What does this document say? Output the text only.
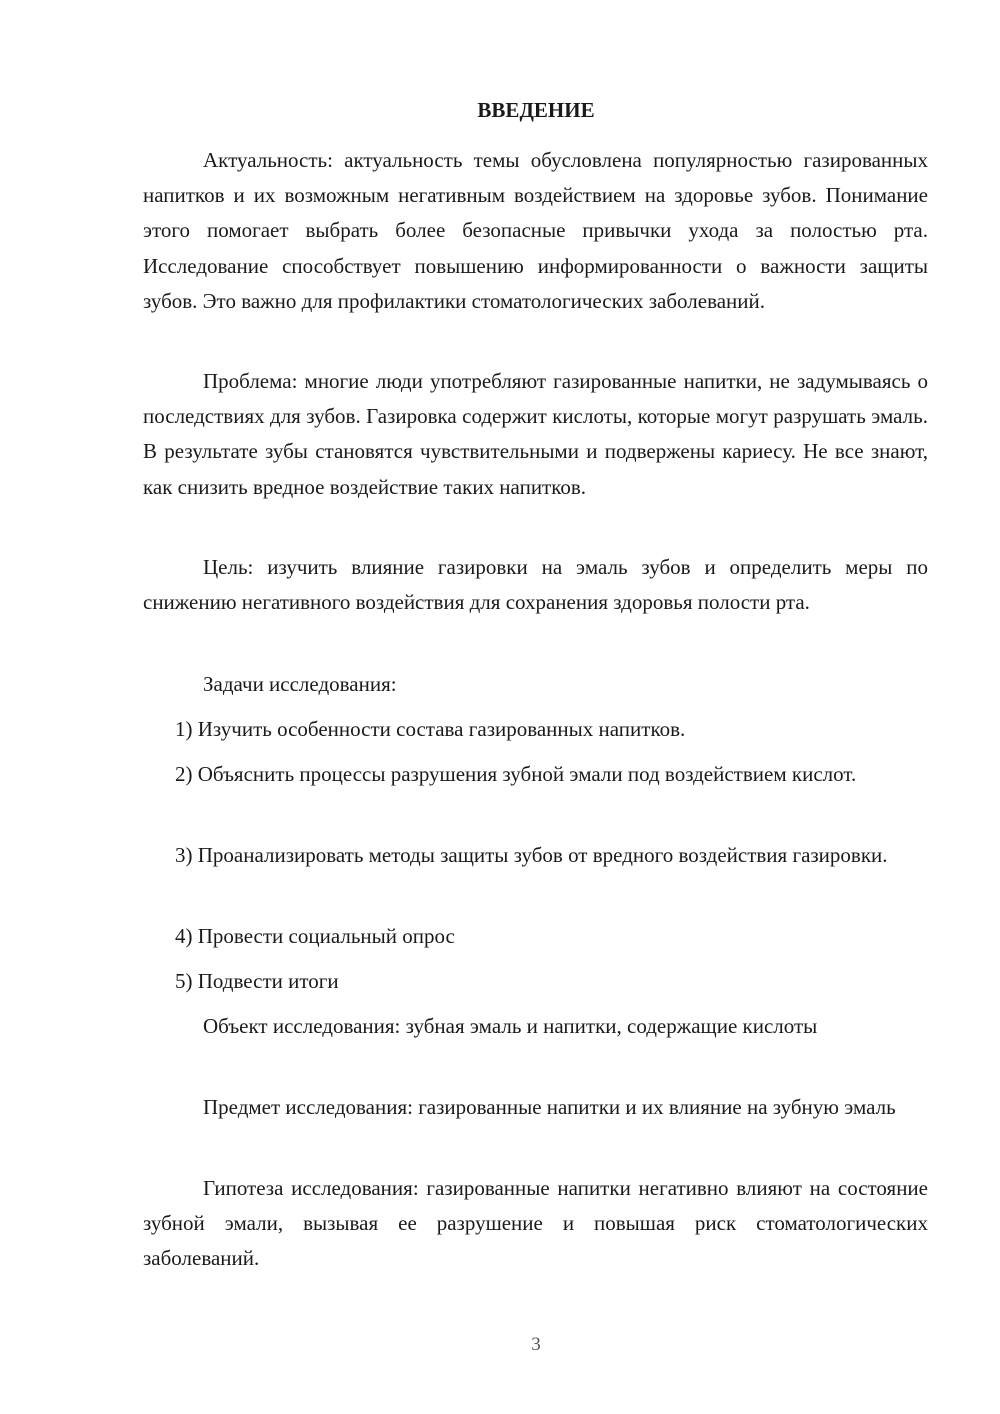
ВВЕДЕНИЕ

Актуальность: актуальность темы обусловлена популярностью газированных напитков и их возможным негативным воздействием на здоровье зубов. Понимание этого помогает выбрать более безопасные привычки ухода за полостью рта. Исследование способствует повышению информированности о важности защиты зубов. Это важно для профилактики стоматологических заболеваний.

Проблема: многие люди употребляют газированные напитки, не задумываясь о последствиях для зубов. Газировка содержит кислоты, которые могут разрушать эмаль. В результате зубы становятся чувствительными и подвержены кариесу. Не все знают, как снизить вредное воздействие таких напитков.

Цель: изучить влияние газировки на эмаль зубов и определить меры по снижению негативного воздействия для сохранения здоровья полости рта.

Задачи исследования:

1) Изучить особенности состава газированных напитков.

2) Объяснить процессы разрушения зубной эмали под воздействием кислот.

3) Проанализировать методы защиты зубов от вредного воздействия газировки.

4) Провести социальный опрос

5) Подвести итоги

Объект исследования: зубная эмаль и напитки, содержащие кислоты

Предмет исследования: газированные напитки и их влияние на зубную эмаль

Гипотеза исследования: газированные напитки негативно влияют на состояние зубной эмали, вызывая ее разрушение и повышая риск стоматологических заболеваний.

3
